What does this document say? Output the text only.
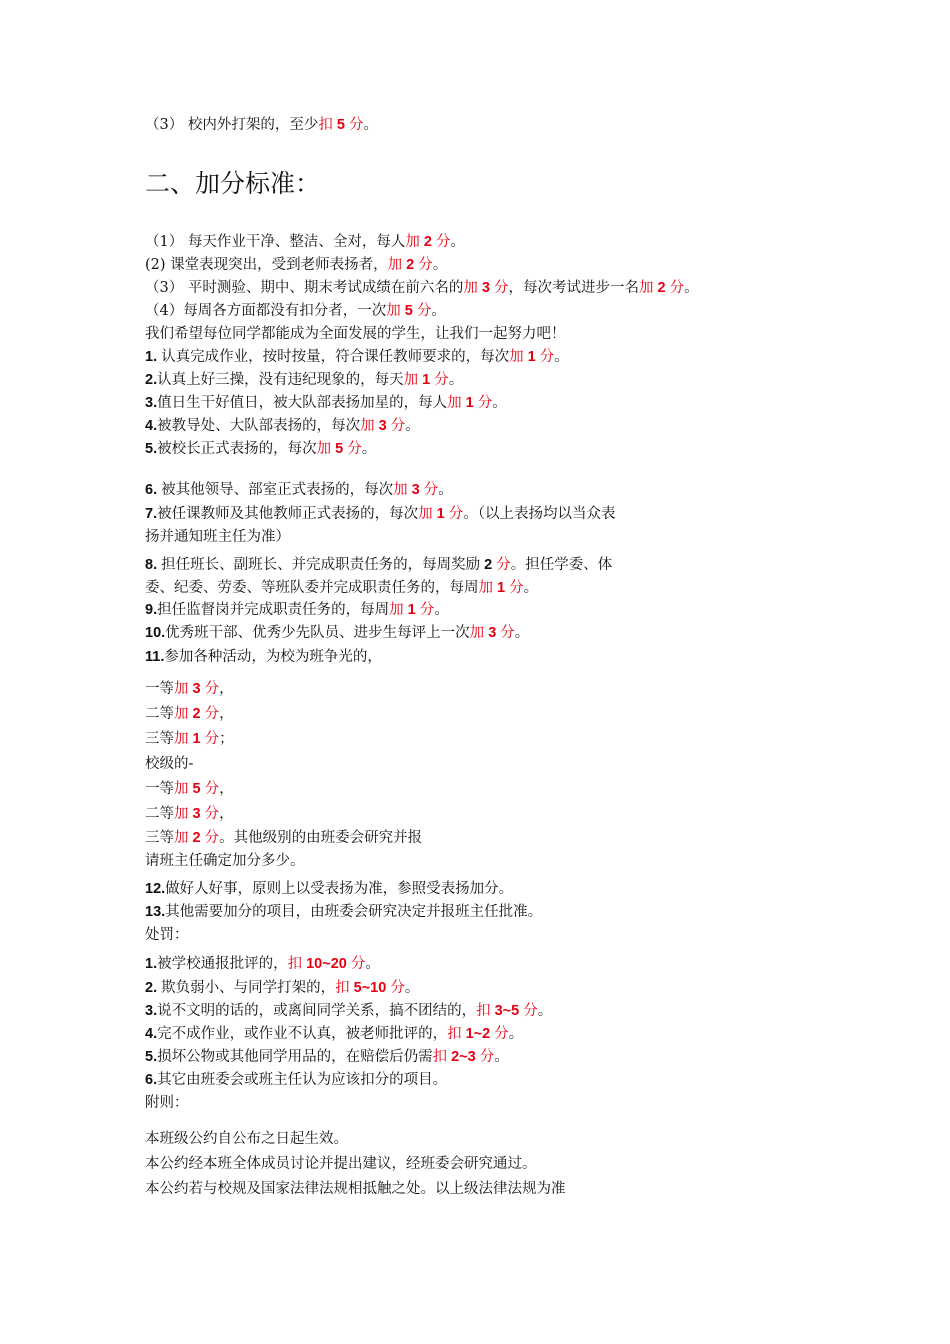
（3） 校内外打架的，至少扣 5 分。

二、加分标准：

（1） 每天作业干净、整洁、全对，每人加 2 分。

(2) 课堂表现突出，受到老师表扬者，加 2 分。

（3） 平时测验、期中、期末考试成绩在前六名的加 3 分，每次考试进步一名加 2 分。

（4）每周各方面都没有扣分者，一次加 5 分。

我们希望每位同学都能成为全面发展的学生，让我们一起努力吧！

1. 认真完成作业，按时按量，符合课任教师要求的，每次加 1 分。

2.认真上好三操，没有违纪现象的，每天加 1 分。

3.值日生干好值日，被大队部表扬加星的，每人加 1 分。

4.被教导处、大队部表扬的，每次加 3 分。

5.被校长正式表扬的，每次加 5 分。

6. 被其他领导、部室正式表扬的，每次加 3 分。

7.被任课教师及其他教师正式表扬的，每次加 1 分。（以上表扬均以当众表

扬并通知班主任为准）

8. 担任班长、副班长、并完成职责任务的，每周奖励 2 分。担任学委、体

委、纪委、劳委、等班队委并完成职责任务的，每周加 1 分。

9.担任监督岗并完成职责任务的，每周加 1 分。

10.优秀班干部、优秀少先队员、进步生每评上一次加 3 分。

11.参加各种活动，为校为班争光的，

一等加 3 分，

二等加 2 分，

三等加 1 分；

校级的-

一等加 5 分，

二等加 3 分，

三等加 2 分。其他级别的由班委会研究并报

请班主任确定加分多少。

12.做好人好事，原则上以受表扬为准，参照受表扬加分。

13.其他需要加分的项目，由班委会研究决定并报班主任批准。

处罚：

1.被学校通报批评的，扣 10~20 分。

2. 欺负弱小、与同学打架的，扣 5~10 分。

3.说不文明的话的，或离间同学关系，搞不团结的，扣 3~5 分。

4.完不成作业，或作业不认真，被老师批评的，扣 1~2 分。

5.损坏公物或其他同学用品的，在赔偿后仍需扣 2~3 分。

6.其它由班委会或班主任认为应该扣分的项目。

附则：

本班级公约自公布之日起生效。

本公约经本班全体成员讨论并提出建议，经班委会研究通过。

本公约若与校规及国家法律法规相抵触之处。以上级法律法规为准
